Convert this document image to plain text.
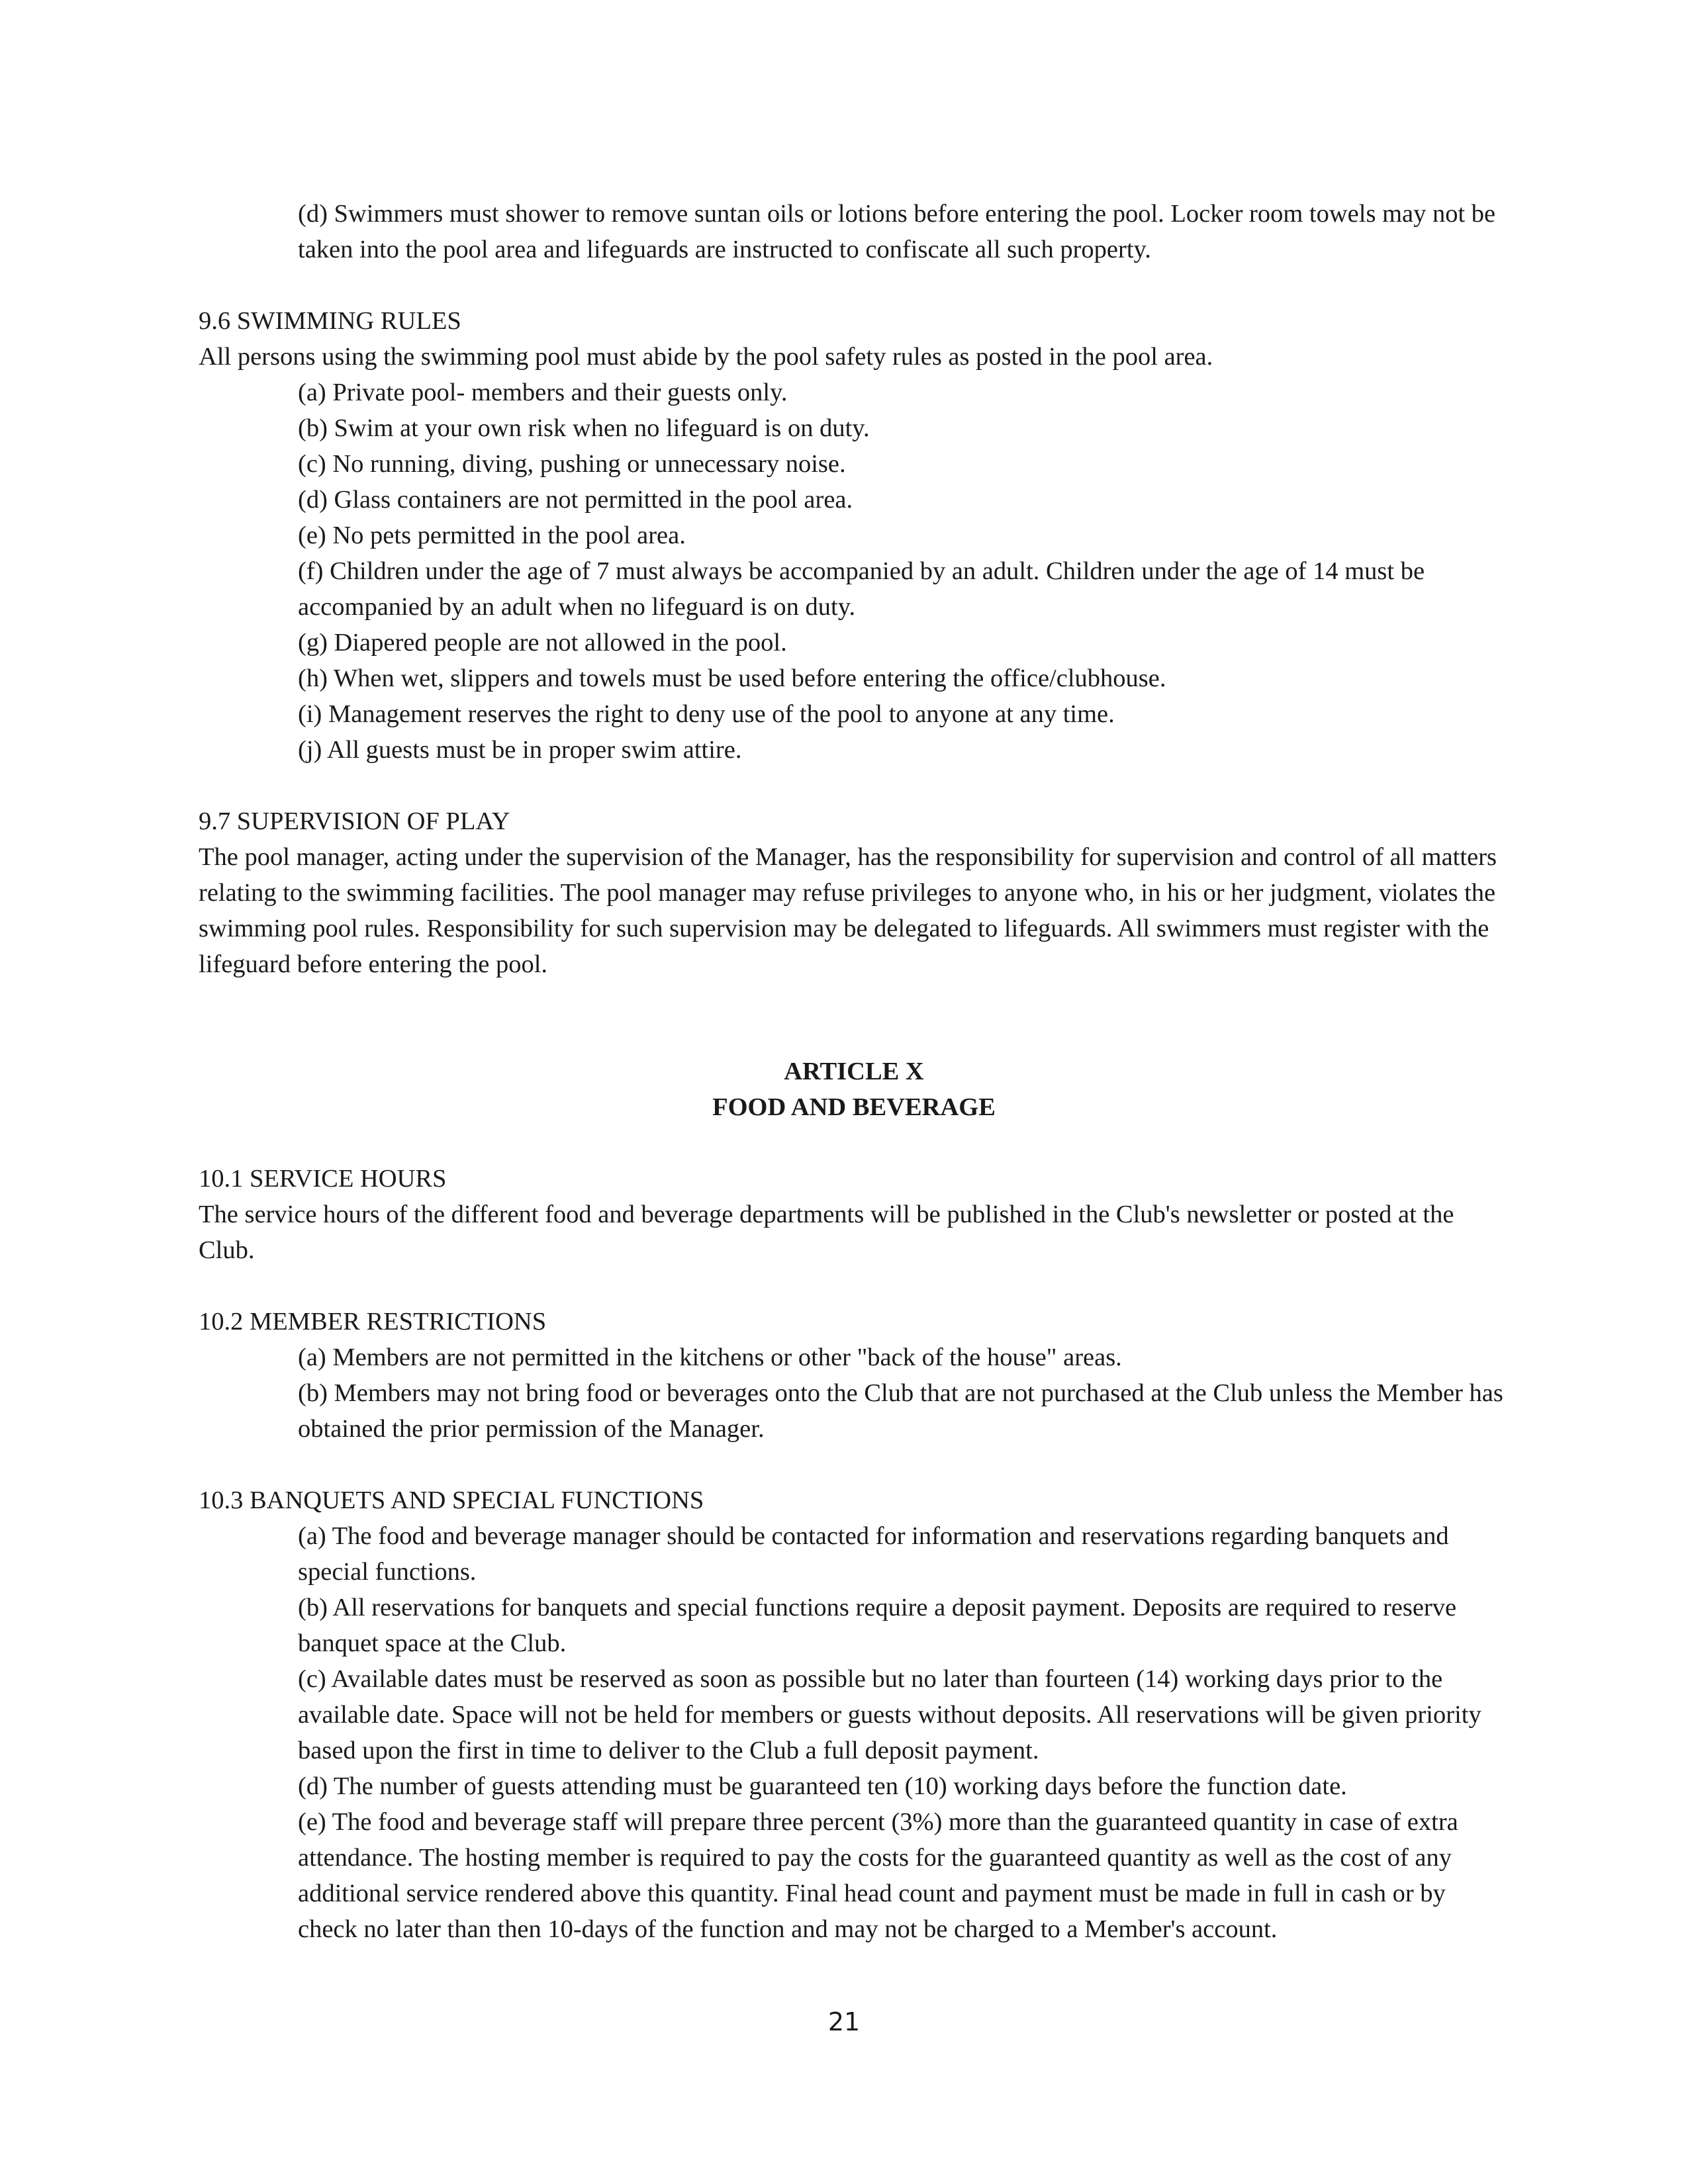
(d) Swimmers must shower to remove suntan oils or lotions before entering the pool. Locker room towels may not be taken into the pool area and lifeguards are instructed to confiscate all such property.

9.6 SWIMMING RULES

All persons using the swimming pool must abide by the pool safety rules as posted in the pool area.

(a) Private pool- members and their guests only.

(b) Swim at your own risk when no lifeguard is on duty.

(c) No running, diving, pushing or unnecessary noise.

(d) Glass containers are not permitted in the pool area.

(e) No pets permitted in the pool area.

(f) Children under the age of 7 must always be accompanied by an adult. Children under the age of 14 must be accompanied by an adult when no lifeguard is on duty.

(g) Diapered people are not allowed in the pool.

(h) When wet, slippers and towels must be used before entering the office/clubhouse.

(i) Management reserves the right to deny use of the pool to anyone at any time.

(j) All guests must be in proper swim attire.

9.7 SUPERVISION OF PLAY

The pool manager, acting under the supervision of the Manager, has the responsibility for supervision and control of all matters relating to the swimming facilities. The pool manager may refuse privileges to anyone who, in his or her judgment, violates the swimming pool rules. Responsibility for such supervision may be delegated to lifeguards. All swimmers must register with the lifeguard before entering the pool.

ARTICLE X

FOOD AND BEVERAGE

10.1 SERVICE HOURS

The service hours of the different food and beverage departments will be published in the Club's newsletter or posted at the Club.

10.2 MEMBER RESTRICTIONS

(a) Members are not permitted in the kitchens or other "back of the house" areas.

(b) Members may not bring food or beverages onto the Club that are not purchased at the Club unless the Member has obtained the prior permission of the Manager.

10.3 BANQUETS AND SPECIAL FUNCTIONS

(a) The food and beverage manager should be contacted for information and reservations regarding banquets and special functions.

(b) All reservations for banquets and special functions require a deposit payment. Deposits are required to reserve banquet space at the Club.

(c) Available dates must be reserved as soon as possible but no later than fourteen (14) working days prior to the available date. Space will not be held for members or guests without deposits. All reservations will be given priority based upon the first in time to deliver to the Club a full deposit payment.

(d) The number of guests attending must be guaranteed ten (10) working days before the function date.

(e) The food and beverage staff will prepare three percent (3%) more than the guaranteed quantity in case of extra attendance. The hosting member is required to pay the costs for the guaranteed quantity as well as the cost of any additional service rendered above this quantity. Final head count and payment must be made in full in cash or by check no later than then 10-days of the function and may not be charged to a Member's account.

21
